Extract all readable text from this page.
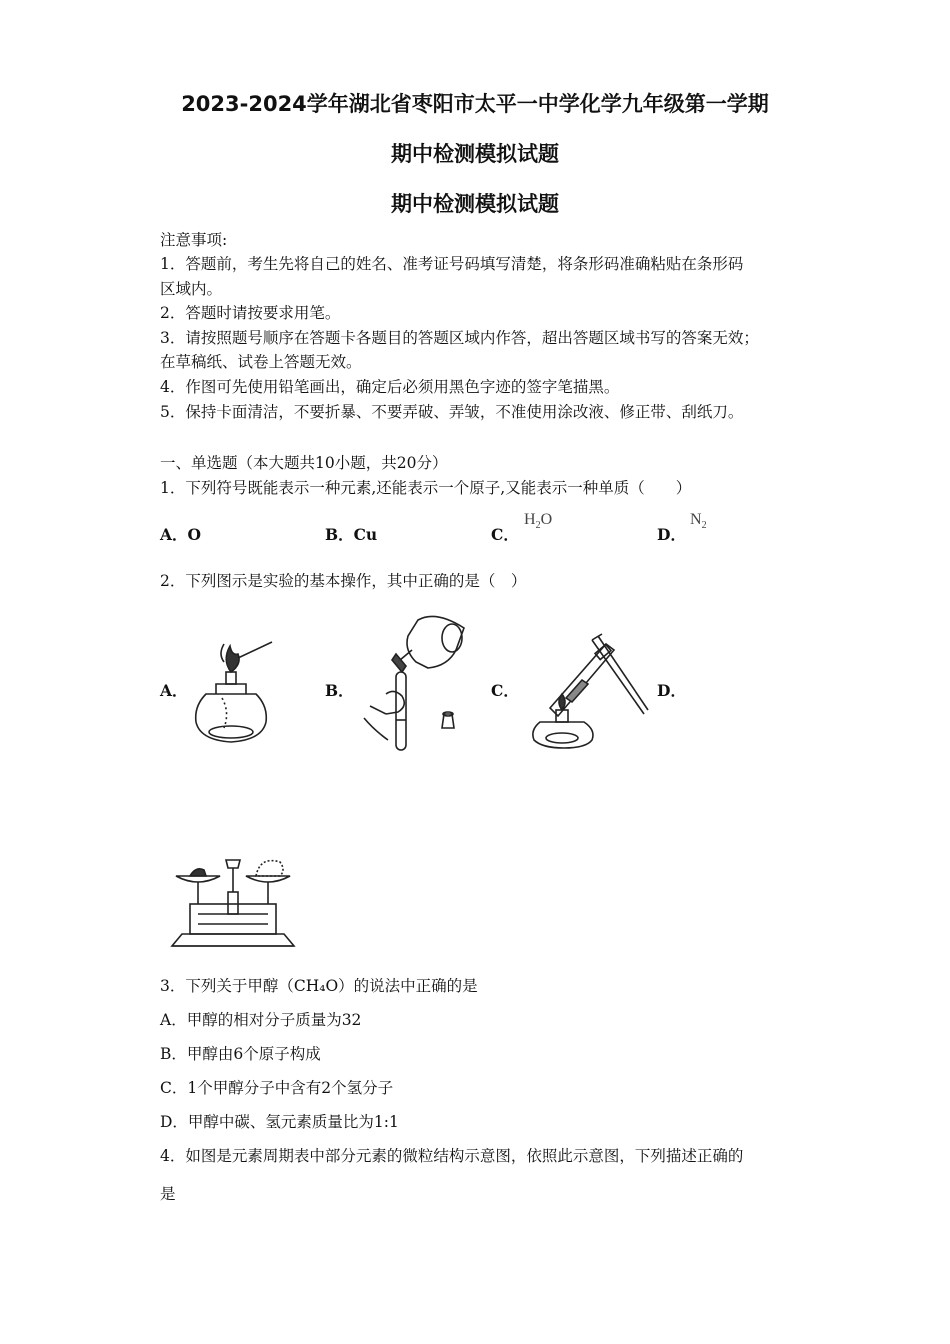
2023-2024学年湖北省枣阳市太平一中学化学九年级第一学期
期中检测模拟试题
期中检测模拟试题
注意事项:
1．答题前，考生先将自己的姓名、准考证号码填写清楚，将条形码准确粘贴在条形码
区域内。
2．答题时请按要求用笔。
3．请按照题号顺序在答题卡各题目的答题区域内作答，超出答题区域书写的答案无效；
在草稿纸、试卷上答题无效。
4．作图可先使用铅笔画出，确定后必须用黑色字迹的签字笔描黑。
5．保持卡面清洁，不要折暴、不要弄破、弄皱，不准使用涂改液、修正带、刮纸刀。
一、单选题（本大题共10小题，共20分）
1．下列符号既能表示一种元素,还能表示一个原子,又能表示一种单质（　　）
A．O	B．Cu	C．
$H_2O$
D．
$N_2$
2．下列图示是实验的基本操作，其中正确的是（　）
A．	B．	C．	D．
3．下列关于甲醇（CH₄O）的说法中正确的是
A．甲醇的相对分子质量为32
B．甲醇由6个原子构成
C．1个甲醇分子中含有2个氢分子
D．甲醇中碳、氢元素质量比为1:1
4．如图是元素周期表中部分元素的微粒结构示意图，依照此示意图，下列描述正确的
是
